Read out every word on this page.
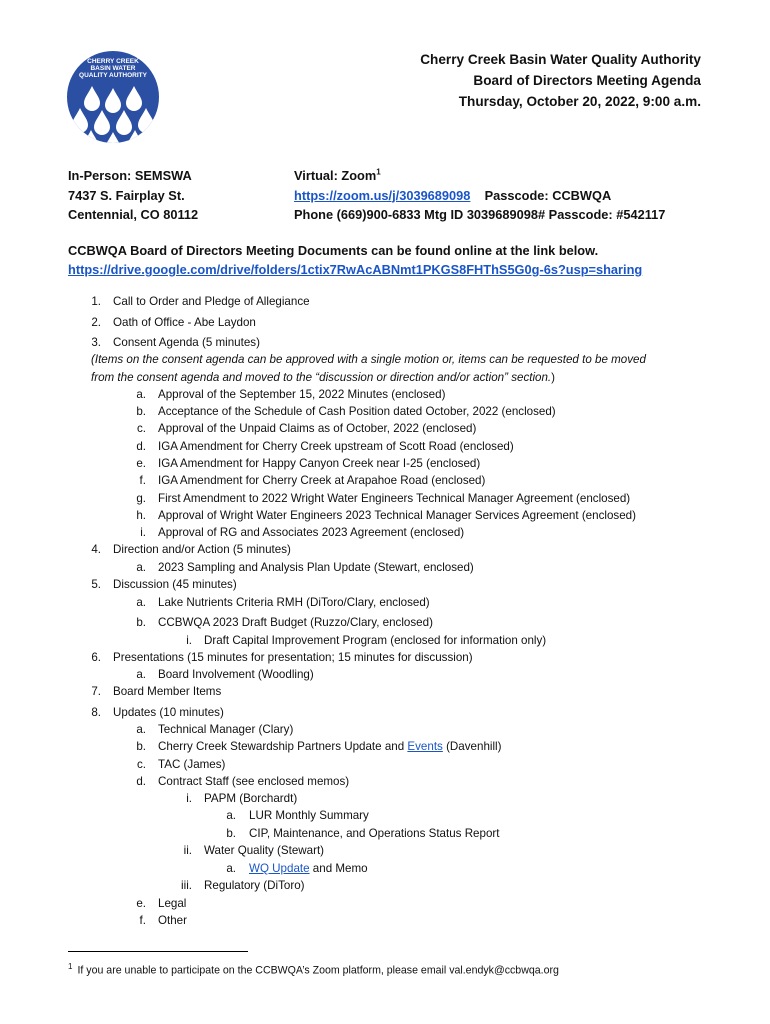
CHERRY CREEK
BASIN WATER
QUALITY AUTHORITY
Cherry Creek Basin Water Quality Authority
Board of Directors Meeting Agenda
Thursday, October 20, 2022, 9:00 a.m.
In-Person: SEMSWA
7437 S. Fairplay St.
Centennial, CO 80112
Virtual: Zoom$^1$
https://zoom.us/j/3039689098 Passcode: CCBWQA
Phone (669)900-6833 Mtg ID 3039689098# Passcode: #542117
CCBWQA Board of Directors Meeting Documents can be found online at the link below.
https://drive.google.com/drive/folders/1ctix7RwAcABNmt1PKGS8FHThS5G0g-6s?usp=sharing
1. Call to Order and Pledge of Allegiance
2. Oath of Office - Abe Laydon
3. Consent Agenda (5 minutes)
(Items on the consent agenda can be approved with a single motion or, items can be requested to be moved
from the consent agenda and moved to the “discussion or direction and/or action” section.)
a. Approval of the September 15, 2022 Minutes (enclosed)
b. Acceptance of the Schedule of Cash Position dated October, 2022 (enclosed)
c. Approval of the Unpaid Claims as of October, 2022 (enclosed)
d. IGA Amendment for Cherry Creek upstream of Scott Road (enclosed)
e. IGA Amendment for Happy Canyon Creek near I-25 (enclosed)
f. IGA Amendment for Cherry Creek at Arapahoe Road (enclosed)
g. First Amendment to 2022 Wright Water Engineers Technical Manager Agreement (enclosed)
h. Approval of Wright Water Engineers 2023 Technical Manager Services Agreement (enclosed)
i. Approval of RG and Associates 2023 Agreement (enclosed)
4. Direction and/or Action (5 minutes)
a. 2023 Sampling and Analysis Plan Update (Stewart, enclosed)
5. Discussion (45 minutes)
a. Lake Nutrients Criteria RMH (DiToro/Clary, enclosed)
b. CCBWQA 2023 Draft Budget (Ruzzo/Clary, enclosed)
i. Draft Capital Improvement Program (enclosed for information only)
6. Presentations (15 minutes for presentation; 15 minutes for discussion)
a. Board Involvement (Woodling)
7. Board Member Items
8. Updates (10 minutes)
a. Technical Manager (Clary)
b. Cherry Creek Stewardship Partners Update and Events (Davenhill)
c. TAC (James)
d. Contract Staff (see enclosed memos)
i. PAPM (Borchardt)
a. LUR Monthly Summary
b. CIP, Maintenance, and Operations Status Report
ii. Water Quality (Stewart)
a. WQ Update and Memo
iii. Regulatory (DiToro)
e. Legal
f. Other
$^1$ If you are unable to participate on the CCBWQA’s Zoom platform, please email val.endyk@ccbwqa.org
